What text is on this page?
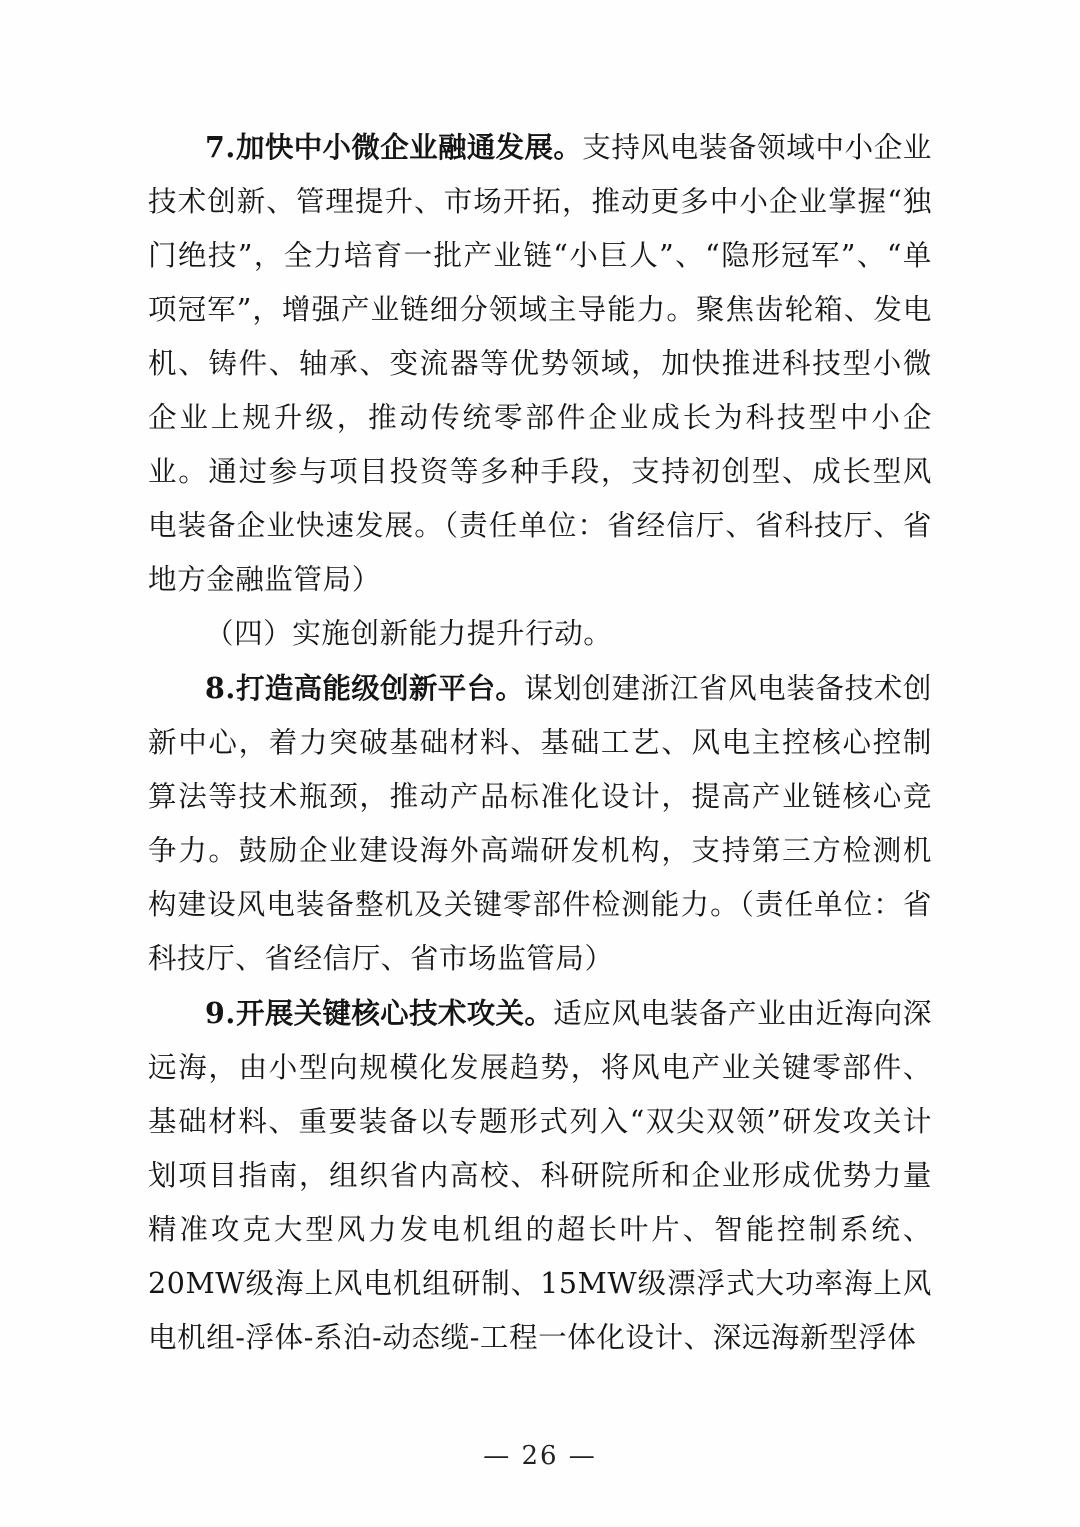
7.加快中小微企业融通发展。支持风电装备领域中小企业技术创新、管理提升、市场开拓，推动更多中小企业掌握“独门绝技”，全力培育一批产业链“小巨人”、“隐形冠军”、“单项冠军”，增强产业链细分领域主导能力。聚焦齿轮箱、发电机、铸件、轴承、变流器等优势领域，加快推进科技型小微企业上规升级，推动传统零部件企业成长为科技型中小企业。通过参与项目投资等多种手段，支持初创型、成长型风电装备企业快速发展。（责任单位：省经信厅、省科技厅、省地方金融监管局）

（四）实施创新能力提升行动。

8.打造高能级创新平台。谋划创建浙江省风电装备技术创新中心，着力突破基础材料、基础工艺、风电主控核心控制算法等技术瓶颈，推动产品标准化设计，提高产业链核心竞争力。鼓励企业建设海外高端研发机构，支持第三方检测机构建设风电装备整机及关键零部件检测能力。（责任单位：省科技厅、省经信厅、省市场监管局）

9.开展关键核心技术攻关。适应风电装备产业由近海向深远海，由小型向规模化发展趋势，将风电产业关键零部件、基础材料、重要装备以专题形式列入“双尖双领”研发攻关计划项目指南，组织省内高校、科研院所和企业形成优势力量精准攻克大型风力发电机组的超长叶片、智能控制系统、20MW级海上风电机组研制、15MW级漂浮式大功率海上风电机组-浮体-系泊-动态缆-工程一体化设计、深远海新型浮体

— 26 —
